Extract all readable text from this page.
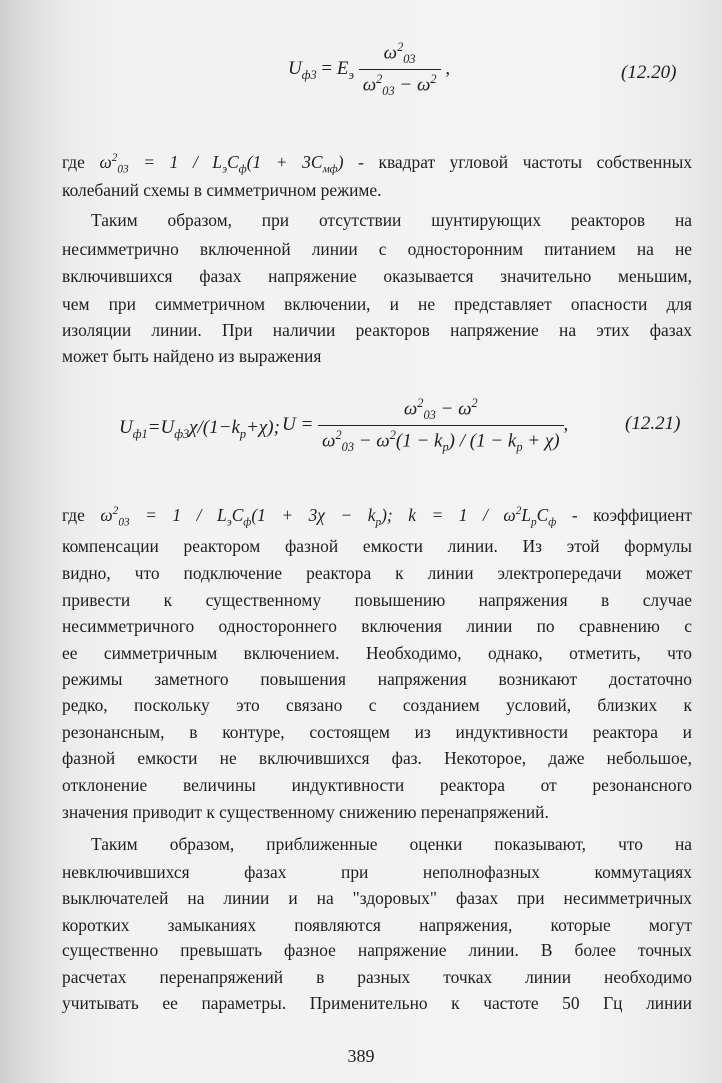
$U_{ф3} = E_э \frac{\omega^2_{03}}{\omega^2_{03} - \omega^2}$ ,	(12.20)
где $\omega^2_{03} = 1 / L_эC_ф(1 + 3C_{мф})$ - квадрат угловой частоты собственных
колебаний схемы в симметричном режиме.
Таким образом, при отсутствии шунтирующих реакторов на
несимметрично включенной линии с односторонним питанием на не
включившихся фазах напряжение оказывается значительно меньшим,
чем при симметричном включении, и не представляет опасности для
изоляции линии. При наличии реакторов напряжение на этих фазах
может быть найдено из выражения
$U_{ф1}=U_{ф3}\chi/(1-k_р+\chi)$; $U = \frac{\omega^2_{03} - \omega^2}{\omega^2_{03} - \omega^2(1 - k_р) / (1 - k_р + \chi)}$ ,	(12.21)
где $\omega^2_{03} = 1 / L_эC_ф(1 + 3\chi - k_р)$; $k = 1 / \omega^2L_рC_ф$ - коэффициент
компенсации реактором фазной емкости линии. Из этой формулы
видно, что подключение реактора к линии электропередачи может
привести к существенному повышению напряжения в случае
несимметричного одностороннего включения линии по сравнению с
ее симметричным включением. Необходимо, однако, отметить, что
режимы заметного повышения напряжения возникают достаточно
редко, поскольку это связано с созданием условий, близких к
резонансным, в контуре, состоящем из индуктивности реактора и
фазной емкости не включившихся фаз. Некоторое, даже небольшое,
отклонение величины индуктивности реактора от резонансного
значения приводит к существенному снижению перенапряжений.
Таким образом, приближенные оценки показывают, что на
невключившихся фазах при неполнофазных коммутациях
выключателей на линии и на "здоровых" фазах при несимметричных
коротких замыканиях появляются напряжения, которые могут
существенно превышать фазное напряжение линии. В более точных
расчетах перенапряжений в разных точках линии необходимо
учитывать ее параметры. Применительно к частоте 50 Гц линии
389
